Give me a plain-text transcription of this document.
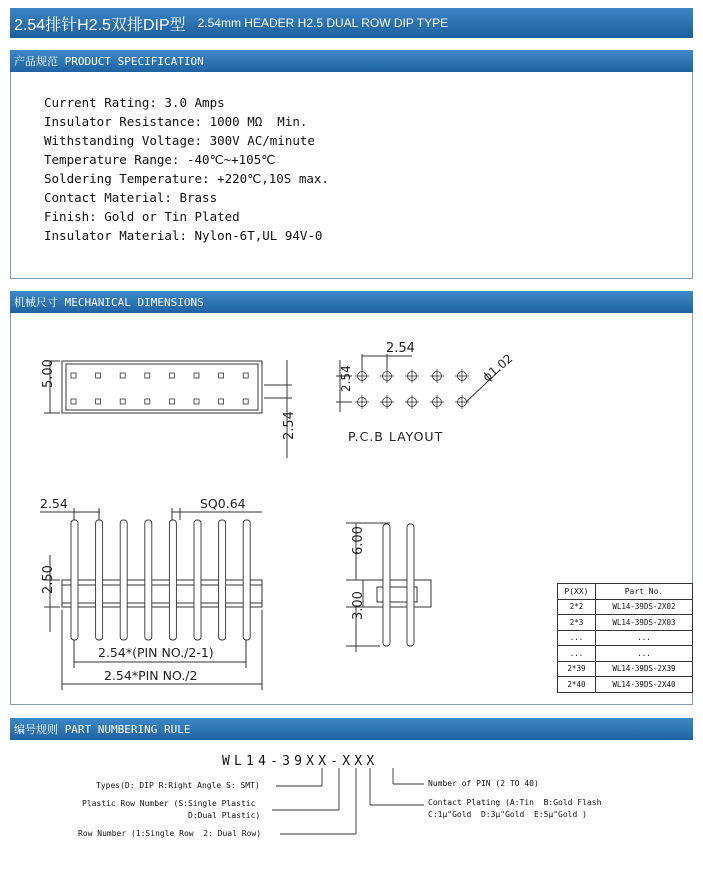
2.54排针H2.5双排DIP型 2.54mm HEADER H2.5 DUAL ROW DIP TYPE
产品规范 PRODUCT SPECIFICATION
Current Rating: 3.0 Amps
Insulator Resistance: 1000 MΩ  Min.
Withstanding Voltage: 300V AC/minute
Temperature Range: -40℃~+105℃
Soldering Temperature: +220℃,10S max.
Contact Material: Brass
Finish: Gold or Tin Plated
Insulator Material: Nylon-6T,UL 94V-0
机械尺寸 MECHANICAL DIMENSIONS
5.00
2.54
2.54
2.54	ϕ1.02
P.C.B LAYOUT
2.54	SQ0.64
2.50
2.54*(PIN NO./2-1)
2.54*PIN NO./2
6.00
3.00	P(XX)	Part No.
2*2	WL14-39DS-2X02
2*3	WL14-39DS-2X03
...	...
...	...
2*39	WL14-39DS-2X39
2*40	WL14-39DS-2X40
编号规则 PART NUMBERING RULE
WL14-39XX-XXX
Types(D: DIP R:Right Angle S: SMT)
Plastic Row Number (S:Single Plastic
D:Dual Plastic)
Row Number (1:Single Row  2: Dual Row)
Number of PIN (2 TO 40)
Contact Plating (A:Tin  B:Gold Flash
C:1μ"Gold  D:3μ"Gold  E:5μ"Gold )
